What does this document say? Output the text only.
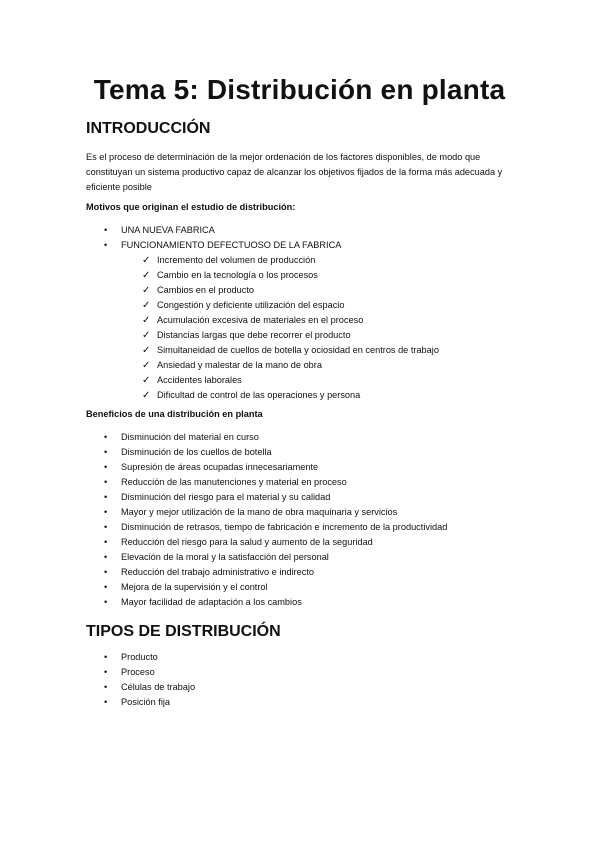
Tema 5: Distribución en planta
INTRODUCCIÓN
Es el proceso de determinación de la mejor ordenación de los factores disponibles, de modo que constituyan un sistema productivo capaz de alcanzar los objetivos fijados de la forma más adecuada y eficiente posible
Motivos que originan el estudio de distribución:
• UNA NUEVA FABRICA
• FUNCIONAMIENTO DEFECTUOSO DE LA FABRICA
✓ Incremento del volumen de producción
✓ Cambio en la tecnología o los procesos
✓ Cambios en el producto
✓ Congestión y deficiente utilización del espacio
✓ Acumulación excesiva de materiales en el proceso
✓ Distancias largas que debe recorrer el producto
✓ Simultaneidad de cuellos de botella y ociosidad en centros de trabajo
✓ Ansiedad y malestar de la mano de obra
✓ Accidentes laborales
✓ Dificultad de control de las operaciones y persona
Beneficios de una distribución en planta
• Disminución del material en curso
• Disminución de los cuellos de botella
• Supresión de áreas ocupadas innecesariamente
• Reducción de las manutenciones y material en proceso
• Disminución del riesgo para el material y su calidad
• Mayor y mejor utilización de la mano de obra maquinaria y servicios
• Disminución de retrasos, tiempo de fabricación e incremento de la productividad
• Reducción del riesgo para la salud y aumento de la seguridad
• Elevación de la moral y la satisfacción del personal
• Reducción del trabajo administrativo e indirecto
• Mejora de la supervisión y el control
• Mayor facilidad de adaptación a los cambios
TIPOS DE DISTRIBUCIÓN
• Producto
• Proceso
• Células de trabajo
• Posición fija
